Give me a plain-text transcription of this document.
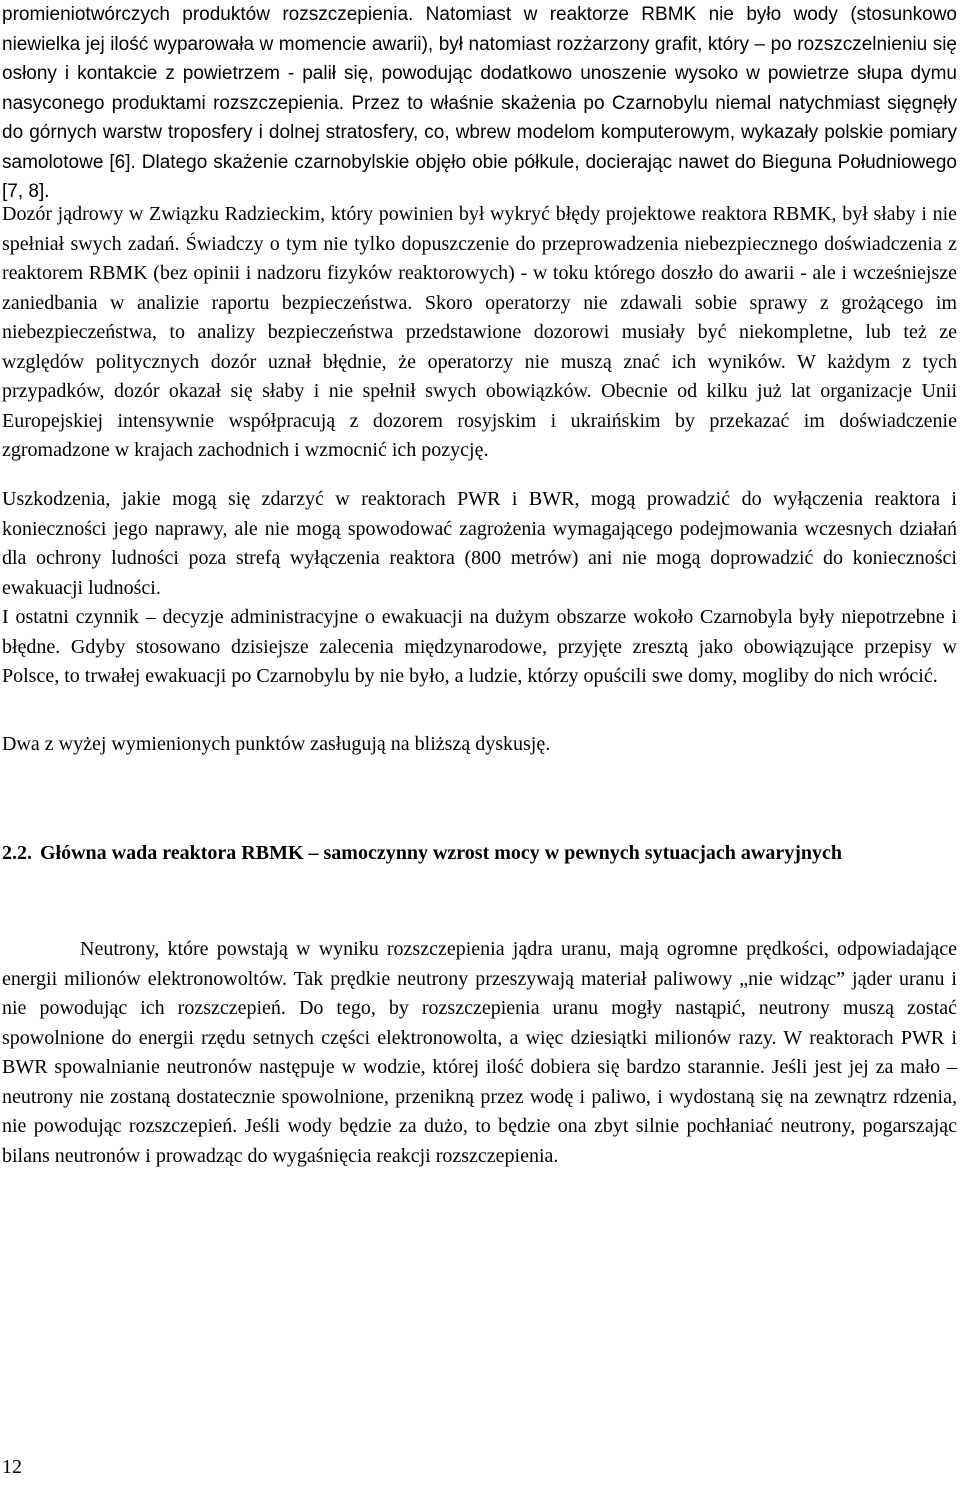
promieniotwórczych produktów rozszczepienia. Natomiast w reaktorze RBMK nie było wody (stosunkowo niewielka jej ilość wyparowała w momencie awarii), był natomiast rozżarzony grafit, który – po rozszczelnieniu się osłony i kontakcie z powietrzem - palił się, powodując dodatkowo unoszenie wysoko w powietrze słupa dymu nasyconego produktami rozszczepienia. Przez to właśnie skażenia po Czarnobylu niemal natychmiast sięgnęły do górnych warstw troposfery i dolnej stratosfery, co, wbrew modelom komputerowym, wykazały polskie pomiary samolotowe [6]. Dlatego skażenie czarnobylskie objęło obie półkule, docierając nawet do Bieguna Południowego [7, 8].

Dozór jądrowy w Związku Radzieckim, który powinien był wykryć błędy projektowe reaktora RBMK, był słaby i nie spełniał swych zadań. Świadczy o tym nie tylko dopuszczenie do przeprowadzenia niebezpiecznego doświadczenia z reaktorem RBMK (bez opinii i nadzoru fizyków reaktorowych) - w toku którego doszło do awarii - ale i wcześniejsze zaniedbania w analizie raportu bezpieczeństwa. Skoro operatorzy nie zdawali sobie sprawy z grożącego im niebezpieczeństwa, to analizy bezpieczeństwa przedstawione dozorowi musiały być niekompletne, lub też ze względów politycznych dozór uznał błędnie, że operatorzy nie muszą znać ich wyników. W każdym z tych przypadków, dozór okazał się słaby i nie spełnił swych obowiązków. Obecnie od kilku już lat organizacje Unii Europejskiej intensywnie współpracują z dozorem rosyjskim i ukraińskim by przekazać im doświadczenie zgromadzone w krajach zachodnich i wzmocnić ich pozycję.

Uszkodzenia, jakie mogą się zdarzyć w reaktorach PWR i BWR, mogą prowadzić do wyłączenia reaktora i konieczności jego naprawy, ale nie mogą spowodować zagrożenia wymagającego podejmowania wczesnych działań dla ochrony ludności poza strefą wyłączenia reaktora (800 metrów) ani nie mogą doprowadzić do konieczności ewakuacji ludności.

I ostatni czynnik – decyzje administracyjne o ewakuacji na dużym obszarze wokoło Czarnobyla były niepotrzebne i błędne. Gdyby stosowano dzisiejsze zalecenia międzynarodowe, przyjęte zresztą jako obowiązujące przepisy w Polsce, to trwałej ewakuacji po Czarnobylu by nie było, a ludzie, którzy opuścili swe domy, mogliby do nich wrócić.

Dwa z wyżej wymienionych punktów zasługują na bliższą dyskusję.

2.2. Główna wada reaktora RBMK – samoczynny wzrost mocy w pewnych sytuacjach awaryjnych

Neutrony, które powstają w wyniku rozszczepienia jądra uranu, mają ogromne prędkości, odpowiadające energii milionów elektronowoltów. Tak prędkie neutrony przeszywają materiał paliwowy „nie widząc” jąder uranu i nie powodując ich rozszczepień. Do tego, by rozszczepienia uranu mogły nastąpić, neutrony muszą zostać spowolnione do energii rzędu setnych części elektronowolta, a więc dziesiątki milionów razy. W reaktorach PWR i BWR spowalnianie neutronów następuje w wodzie, której ilość dobiera się bardzo starannie. Jeśli jest jej za mało – neutrony nie zostaną dostatecznie spowolnione, przenikną przez wodę i paliwo, i wydostaną się na zewnątrz rdzenia, nie powodując rozszczepień. Jeśli wody będzie za dużo, to będzie ona zbyt silnie pochłaniać neutrony, pogarszając bilans neutronów i prowadząc do wygaśnięcia reakcji rozszczepienia.

12
